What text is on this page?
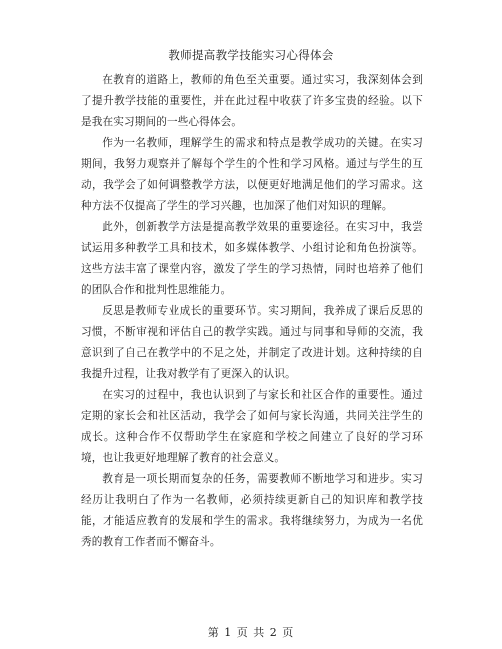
教师提高教学技能实习心得体会

在教育的道路上，教师的角色至关重要。通过实习，我深刻体会到了提升教学技能的重要性，并在此过程中收获了许多宝贵的经验。以下是我在实习期间的一些心得体会。

作为一名教师，理解学生的需求和特点是教学成功的关键。在实习期间，我努力观察并了解每个学生的个性和学习风格。通过与学生的互动，我学会了如何调整教学方法，以便更好地满足他们的学习需求。这种方法不仅提高了学生的学习兴趣，也加深了他们对知识的理解。

此外，创新教学方法是提高教学效果的重要途径。在实习中，我尝试运用多种教学工具和技术，如多媒体教学、小组讨论和角色扮演等。这些方法丰富了课堂内容，激发了学生的学习热情，同时也培养了他们的团队合作和批判性思维能力。

反思是教师专业成长的重要环节。实习期间，我养成了课后反思的习惯，不断审视和评估自己的教学实践。通过与同事和导师的交流，我意识到了自己在教学中的不足之处，并制定了改进计划。这种持续的自我提升过程，让我对教学有了更深入的认识。

在实习的过程中，我也认识到了与家长和社区合作的重要性。通过定期的家长会和社区活动，我学会了如何与家长沟通，共同关注学生的成长。这种合作不仅帮助学生在家庭和学校之间建立了良好的学习环境，也让我更好地理解了教育的社会意义。

教育是一项长期而复杂的任务，需要教师不断地学习和进步。实习经历让我明白了作为一名教师，必须持续更新自己的知识库和教学技能，才能适应教育的发展和学生的需求。我将继续努力，为成为一名优秀的教育工作者而不懈奋斗。

第 1 页 共 2 页
